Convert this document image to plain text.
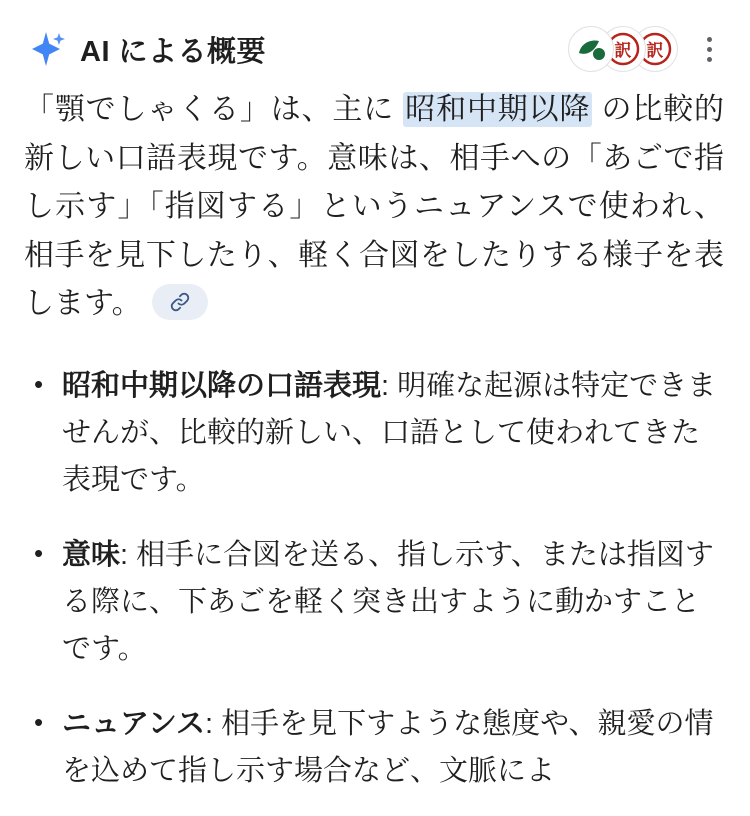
AI による概要	訳 訳

「顎でしゃくる」は、主に 昭和中期以降 の比較的新しい口語表現です。意味は、相手への「あごで指し示す」「指図する」というニュアンスで使われ、相手を見下したり、軽く合図をしたりする様子を表します。

• 昭和中期以降の口語表現: 明確な起源は特定できませんが、比較的新しい、口語として使われてきた表現です。
• 意味: 相手に合図を送る、指し示す、または指図する際に、下あごを軽く突き出すように動かすことです。
• ニュアンス: 相手を見下すような態度や、親愛の情を込めて指し示す場合など、文脈によ
